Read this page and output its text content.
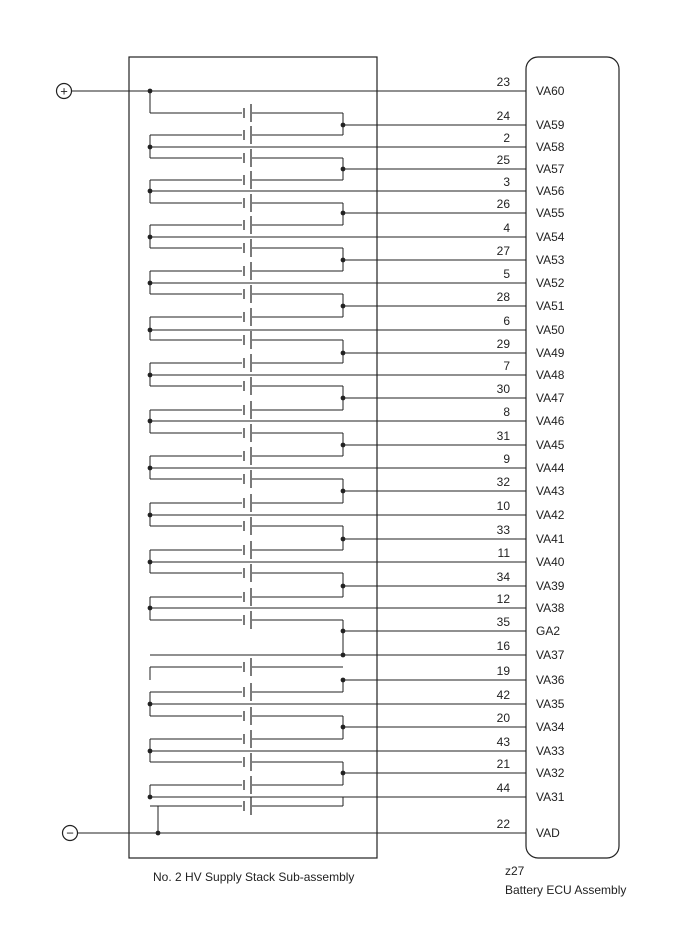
+
−
23
VA60
24
VA59
2
VA58
25
VA57
3
VA56
26
VA55
4
VA54
27
VA53
5
VA52
28
VA51
6
VA50
29
VA49
7
VA48
30
VA47
8
VA46
31
VA45
9
VA44
32
VA43
10
VA42
33
VA41
11
VA40
34
VA39
12
VA38
35
GA2
16
VA37
19
VA36
42
VA35
20
VA34
43
VA33
21
VA32
44
VA31
22
VAD
No. 2 HV Supply Stack Sub-assembly	z27
Battery ECU Assembly
